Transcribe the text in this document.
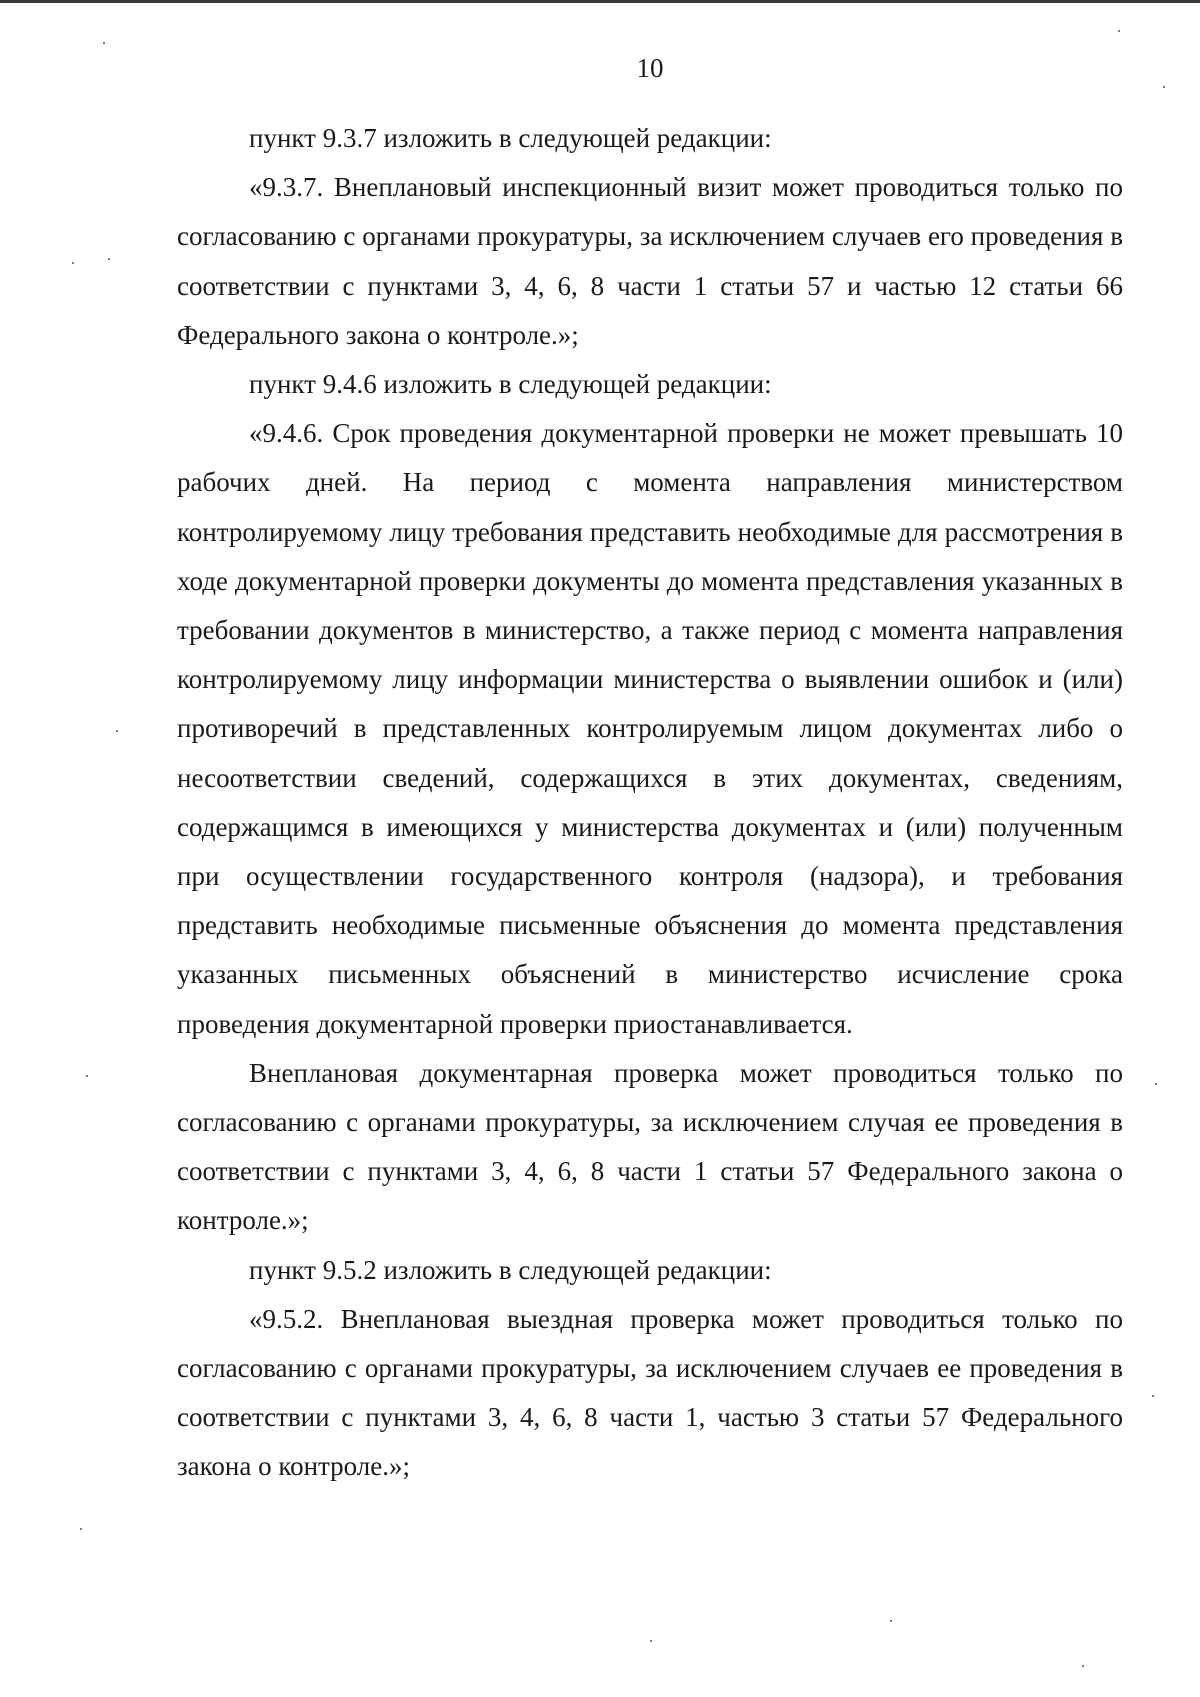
10

пункт 9.3.7 изложить в следующей редакции:

«9.3.7. Внеплановый инспекционный визит может проводиться только по согласованию с органами прокуратуры, за исключением случаев его проведения в соответствии с пунктами 3, 4, 6, 8 части 1 статьи 57 и частью 12 статьи 66 Федерального закона о контроле.»;

пункт 9.4.6 изложить в следующей редакции:

«9.4.6. Срок проведения документарной проверки не может превышать 10 рабочих дней. На период с момента направления министерством контролируемому лицу требования представить необходимые для рассмотрения в ходе документарной проверки документы до момента представления указанных в требовании документов в министерство, а также период с момента направления контролируемому лицу информации министерства о выявлении ошибок и (или) противоречий в представленных контролируемым лицом документах либо о несоответствии сведений, содержащихся в этих документах, сведениям, содержащимся в имеющихся у министерства документах и (или) полученным при осуществлении государственного контроля (надзора), и требования представить необходимые письменные объяснения до момента представления указанных письменных объяснений в министерство исчисление срока проведения документарной проверки приостанавливается.

Внеплановая документарная проверка может проводиться только по согласованию с органами прокуратуры, за исключением случая ее проведения в соответствии с пунктами 3, 4, 6, 8 части 1 статьи 57 Федерального закона о контроле.»;

пункт 9.5.2 изложить в следующей редакции:

«9.5.2. Внеплановая выездная проверка может проводиться только по согласованию с органами прокуратуры, за исключением случаев ее проведения в соответствии с пунктами 3, 4, 6, 8 части 1, частью 3 статьи 57 Федерального закона о контроле.»;
